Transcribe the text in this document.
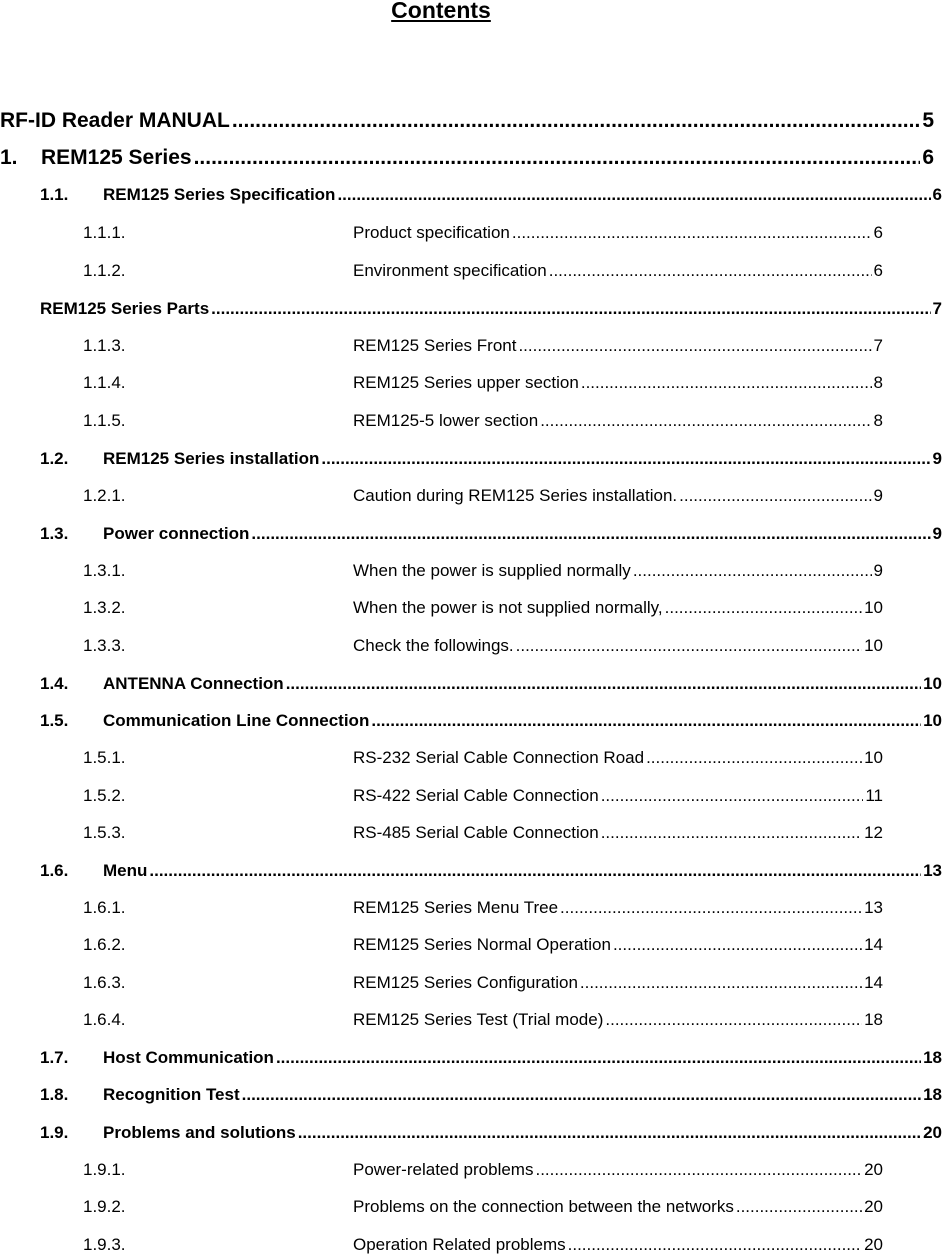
Contents
RF-ID Reader MANUAL .....	5
1.	REM125 Series .....	6
1.1.	REM125 Series Specification .....	6
1.1.1.	Product specification .....	6
1.1.2.	Environment specification .....	6
REM125 Series Parts .....	7
1.1.3.	REM125 Series Front .....	7
1.1.4.	REM125 Series upper section .....	8
1.1.5.	REM125-5 lower section .....	8
1.2.	REM125 Series installation .....	9
1.2.1.	Caution during REM125 Series installation. .....	9
1.3.	Power connection .....	9
1.3.1.	When the power is supplied normally .....	9
1.3.2.	When the power is not supplied normally, .....	10
1.3.3.	Check the followings. .....	10
1.4.	ANTENNA Connection .....	10
1.5.	Communication Line Connection .....	10
1.5.1.	RS-232 Serial Cable Connection Road .....	10
1.5.2.	RS-422 Serial Cable Connection .....	11
1.5.3.	RS-485 Serial Cable Connection .....	12
1.6.	Menu .....	13
1.6.1.	REM125 Series Menu Tree .....	13
1.6.2.	REM125 Series Normal Operation .....	14
1.6.3.	REM125 Series Configuration .....	14
1.6.4.	REM125 Series Test (Trial mode) .....	18
1.7.	Host Communication .....	18
1.8.	Recognition Test .....	18
1.9.	Problems and solutions .....	20
1.9.1.	Power-related problems .....	20
1.9.2.	Problems on the connection between the networks .....	20
1.9.3.	Operation Related problems .....	20
